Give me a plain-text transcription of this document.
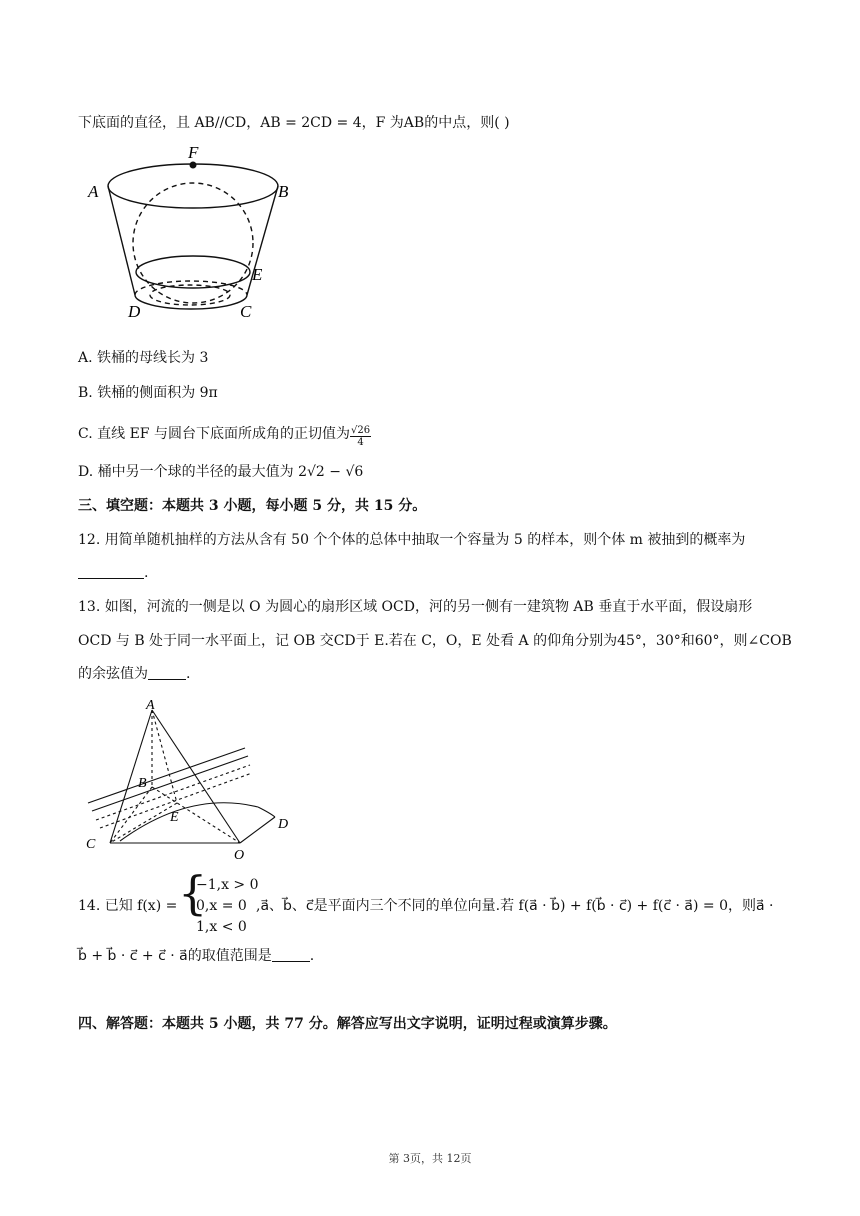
下底面的直径，且 AB//CD，AB = 2CD = 4，F 为AB的中点，则( )
F
A	B
E
D	C
A. 铁桶的母线长为 3
B. 铁桶的侧面积为 9π
C. 直线 EF 与圆台下底面所成角的正切值为 $\frac{√26}{4}$
D. 桶中另一个球的半径的最大值为 2√2 − √6
三、填空题：本题共 3 小题，每小题 5 分，共 15 分。
12. 用简单随机抽样的方法从含有 50 个个体的总体中抽取一个容量为 5 的样本，则个体 m 被抽到的概率为
.
13. 如图，河流的一侧是以 O 为圆心的扇形区域 OCD，河的另一侧有一建筑物 AB 垂直于水平面，假设扇形
OCD 与 B 处于同一水平面上，记 OB 交CD于 E.若在 C，O，E 处看 A 的仰角分别为45°，30°和60°，则∠COB
的余弦值为	.
A
B
E
C
O
D
14. 已知 f(x) = {
−1,x > 0
0,x = 0
1,x < 0
,a⃗、b⃗、c⃗是平面内三个不同的单位向量.若 f(a⃗ · b⃗) + f(b⃗ · c⃗) + f(c⃗ · a⃗) = 0，则a⃗ ·
b⃗ + b⃗ · c⃗ + c⃗ · a⃗的取值范围是	.
四、解答题：本题共 5 小题，共 77 分。解答应写出文字说明，证明过程或演算步骤。
第 3页，共 12页
